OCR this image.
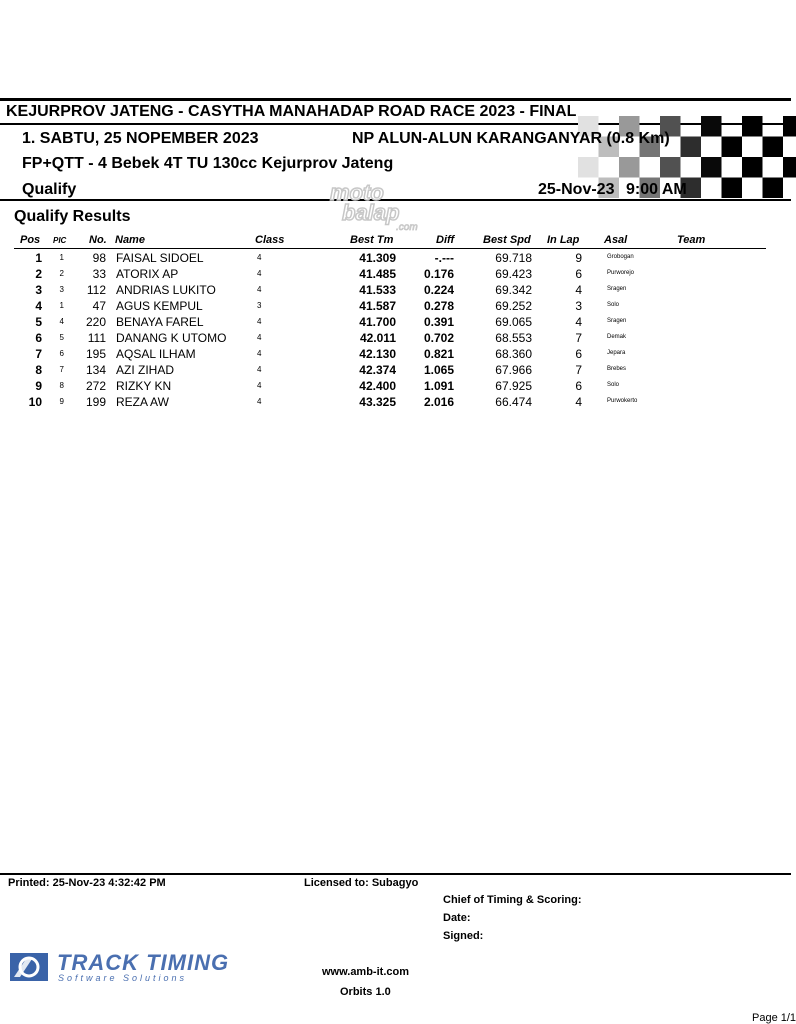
KEJURPROV JATENG - CASYTHA MANAHADAP ROAD RACE 2023 - FINAL
1. SABTU, 25 NOPEMBER 2023	NP ALUN-ALUN KARANGANYAR (0.8 Km)
FP+QTT - 4 Bebek 4T TU 130cc Kejurprov Jateng
Qualify	25-Nov-23 9:00 AM
moto
balap
.com
Qualify Results
Pos PIC No. Name	Class	Best Tm	Diff	Best Spd In Lap Asal	Team
1	1	98 FAISAL SIDOEL	4	41.309	-.---	69.718	9	Grobogan
2	2	33 ATORIX AP	4	41.485	0.176	69.423	6	Purworejo
3	3	112 ANDRIAS LUKITO	4	41.533	0.224	69.342	4	Sragen
4	1	47 AGUS KEMPUL	3	41.587	0.278	69.252	3	Solo
5	4	220 BENAYA FAREL	4	41.700	0.391	69.065	4	Sragen
6	5	111 DANANG K UTOMO	4	42.011	0.702	68.553	7	Demak
7	6	195 AQSAL ILHAM	4	42.130	0.821	68.360	6	Jepara
8	7	134 AZI ZIHAD	4	42.374	1.065	67.966	7	Brebes
9	8	272 RIZKY KN	4	42.400	1.091	67.925	6	Solo
10	9	199 REZA AW	4	43.325	2.016	66.474	4	Purwokerto
Printed: 25-Nov-23 4:32:42 PM	Licensed to: Subagyo
Chief of Timing & Scoring:
Date:
Signed:
TRACK TIMING
Software Solutions	www.amb-it.com
Orbits 1.0
Page 1/1
